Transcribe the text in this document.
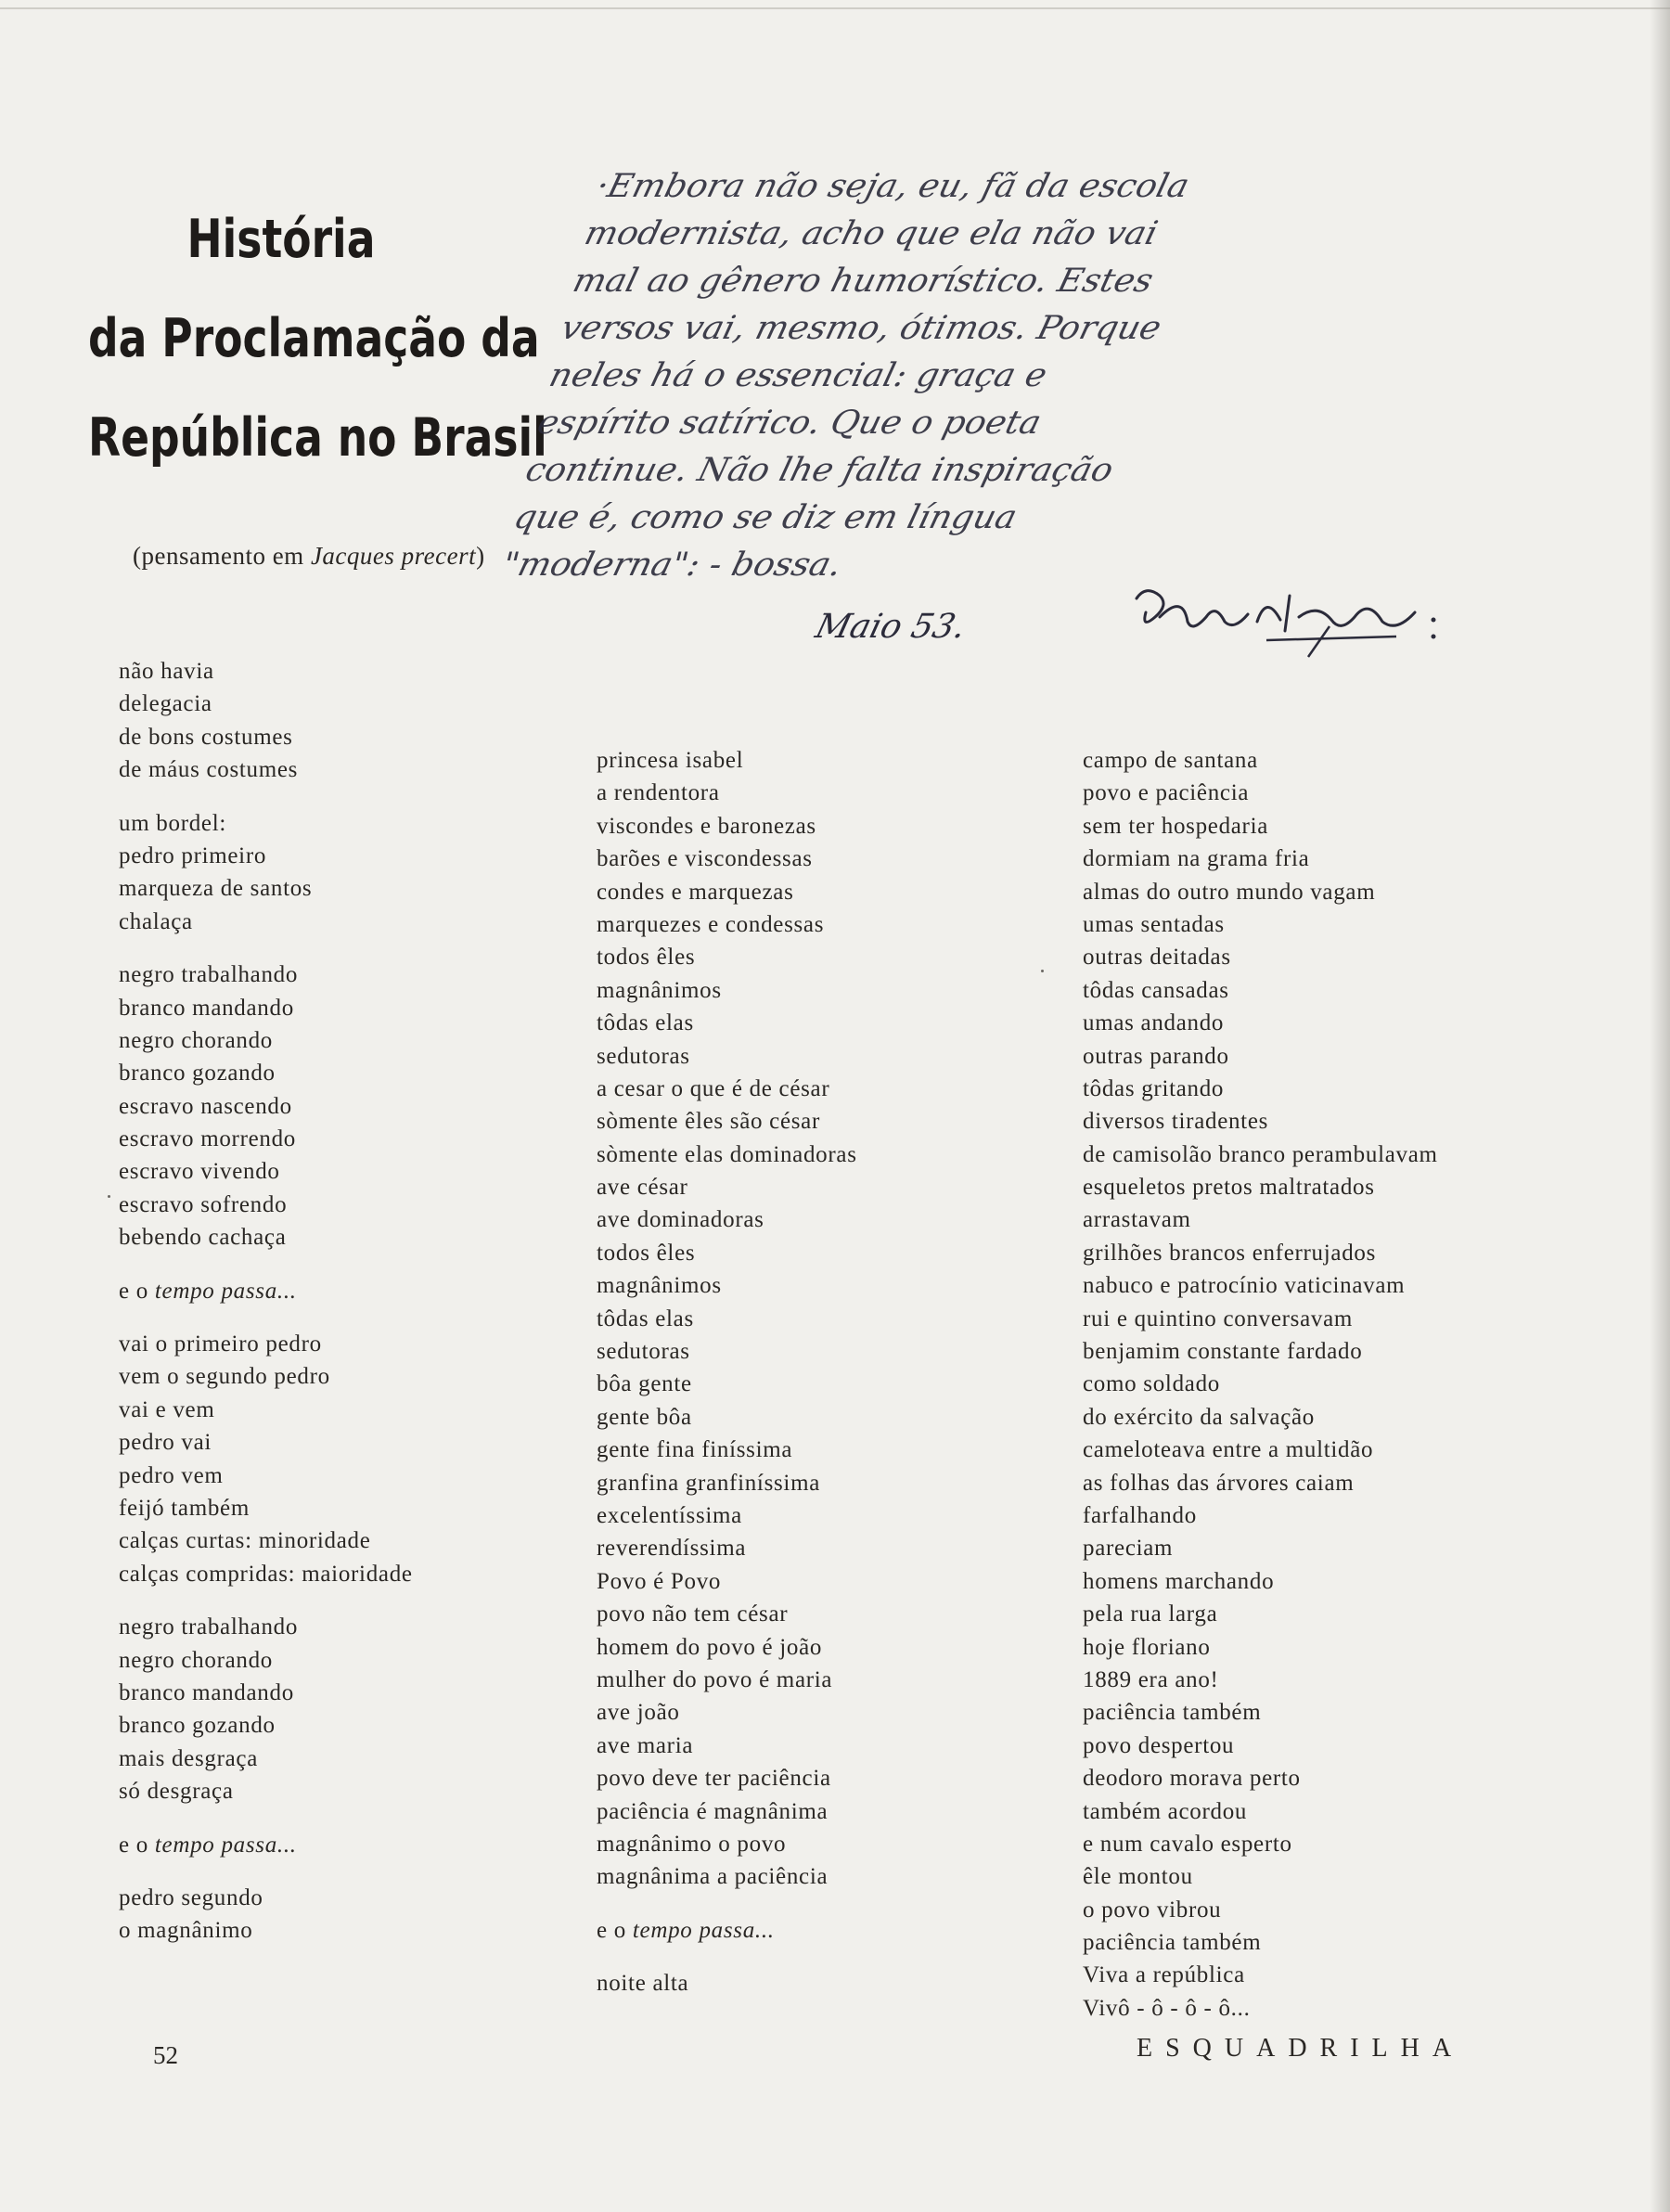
História
da Proclamação da
República no Brasil
(pensamento em Jacques precert)
·Embora não seja, eu, fã da escola
modernista, acho que ela não vai
mal ao gênero humorístico. Estes
versos vai, mesmo, ótimos. Porque
neles há o essencial: graça e
espírito satírico. Que o poeta
continue. Não lhe falta inspiração
que é, como se diz em língua
"moderna": - bossa.
Maio 53.
não havia
delegacia
de bons costumes
de máus costumes
um bordel:
pedro primeiro
marqueza de santos
chalaça
negro trabalhando
branco mandando
negro chorando
branco gozando
escravo nascendo
escravo morrendo
escravo vivendo
escravo sofrendo
bebendo cachaça
e o tempo passa...
vai o primeiro pedro
vem o segundo pedro
vai e vem
pedro vai
pedro vem
feijó também
calças curtas: minoridade
calças compridas: maioridade
negro trabalhando
negro chorando
branco mandando
branco gozando
mais desgraça
só desgraça
e o tempo passa...
pedro segundo
o magnânimo
princesa isabel
a rendentora
viscondes e baronezas
barões e viscondessas
condes e marquezas
marquezes e condessas
todos êles
magnânimos
tôdas elas
sedutoras
a cesar o que é de césar
sòmente êles são césar
sòmente elas dominadoras
ave césar
ave dominadoras
todos êles
magnânimos
tôdas elas
sedutoras
bôa gente
gente bôa
gente fina finíssima
granfina granfiníssima
excelentíssima
reverendíssima
Povo é Povo
povo não tem césar
homem do povo é joão
mulher do povo é maria
ave joão
ave maria
povo deve ter paciência
paciência é magnânima
magnânimo o povo
magnânima a paciência
e o tempo passa...
noite alta
campo de santana
povo e paciência
sem ter hospedaria
dormiam na grama fria
almas do outro mundo vagam
umas sentadas
outras deitadas
tôdas cansadas
umas andando
outras parando
tôdas gritando
diversos tiradentes
de camisolão branco perambulavam
esqueletos pretos maltratados
arrastavam
grilhões brancos enferrujados
nabuco e patrocínio vaticinavam
rui e quintino conversavam
benjamim constante fardado
como soldado
do exército da salvação
cameloteava entre a multidão
as folhas das árvores caiam
farfalhando
pareciam
homens marchando
pela rua larga
hoje floriano
1889 era ano!
paciência também
povo despertou
deodoro morava perto
também acordou
e num cavalo esperto
êle montou
o povo vibrou
paciência também
Viva a república
Vivô - ô - ô - ô...
52	ESQUADRILHA
